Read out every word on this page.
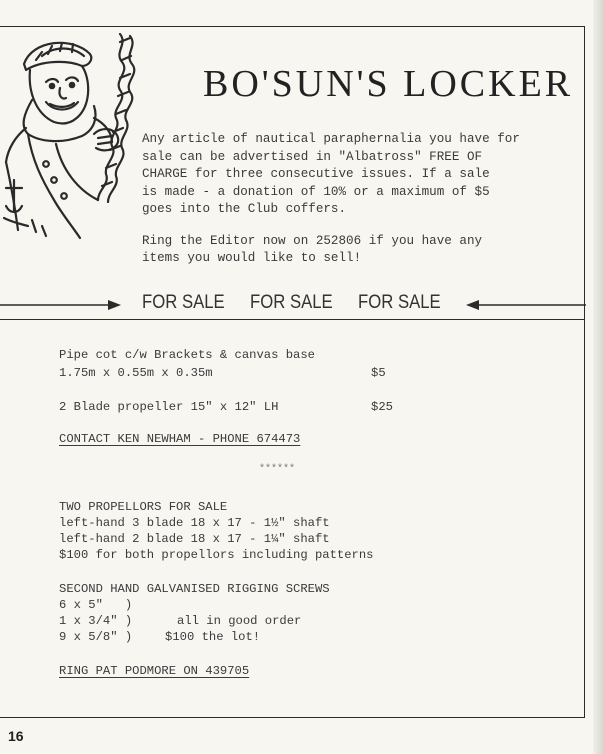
BO'SUN'S LOCKER

Any article of nautical paraphernalia you have for
sale can be advertised in "Albatross" FREE OF
CHARGE for three consecutive issues. If a sale
is made - a donation of 10% or a maximum of $5
goes into the Club coffers.

Ring the Editor now on 252806 if you have any
items you would like to sell!

FOR SALE FOR SALE FOR SALE
Pipe cot c/w Brackets & canvas base
1.75m x 0.55m x 0.35m	$5
2 Blade propeller 15" x 12" LH	$25
CONTACT KEN NEWHAM - PHONE 674473
******
TWO PROPELLORS FOR SALE
left-hand 3 blade 18 x 17 - 1½" shaft
left-hand 2 blade 18 x 17 - 1¼" shaft
$100 for both propellors including patterns
SECOND HAND GALVANISED RIGGING SCREWS
6 x 5"   )
1 x 3/4" )
9 x 5/8" )
all in good order
$100 the lot!
RING PAT PODMORE ON 439705
16
